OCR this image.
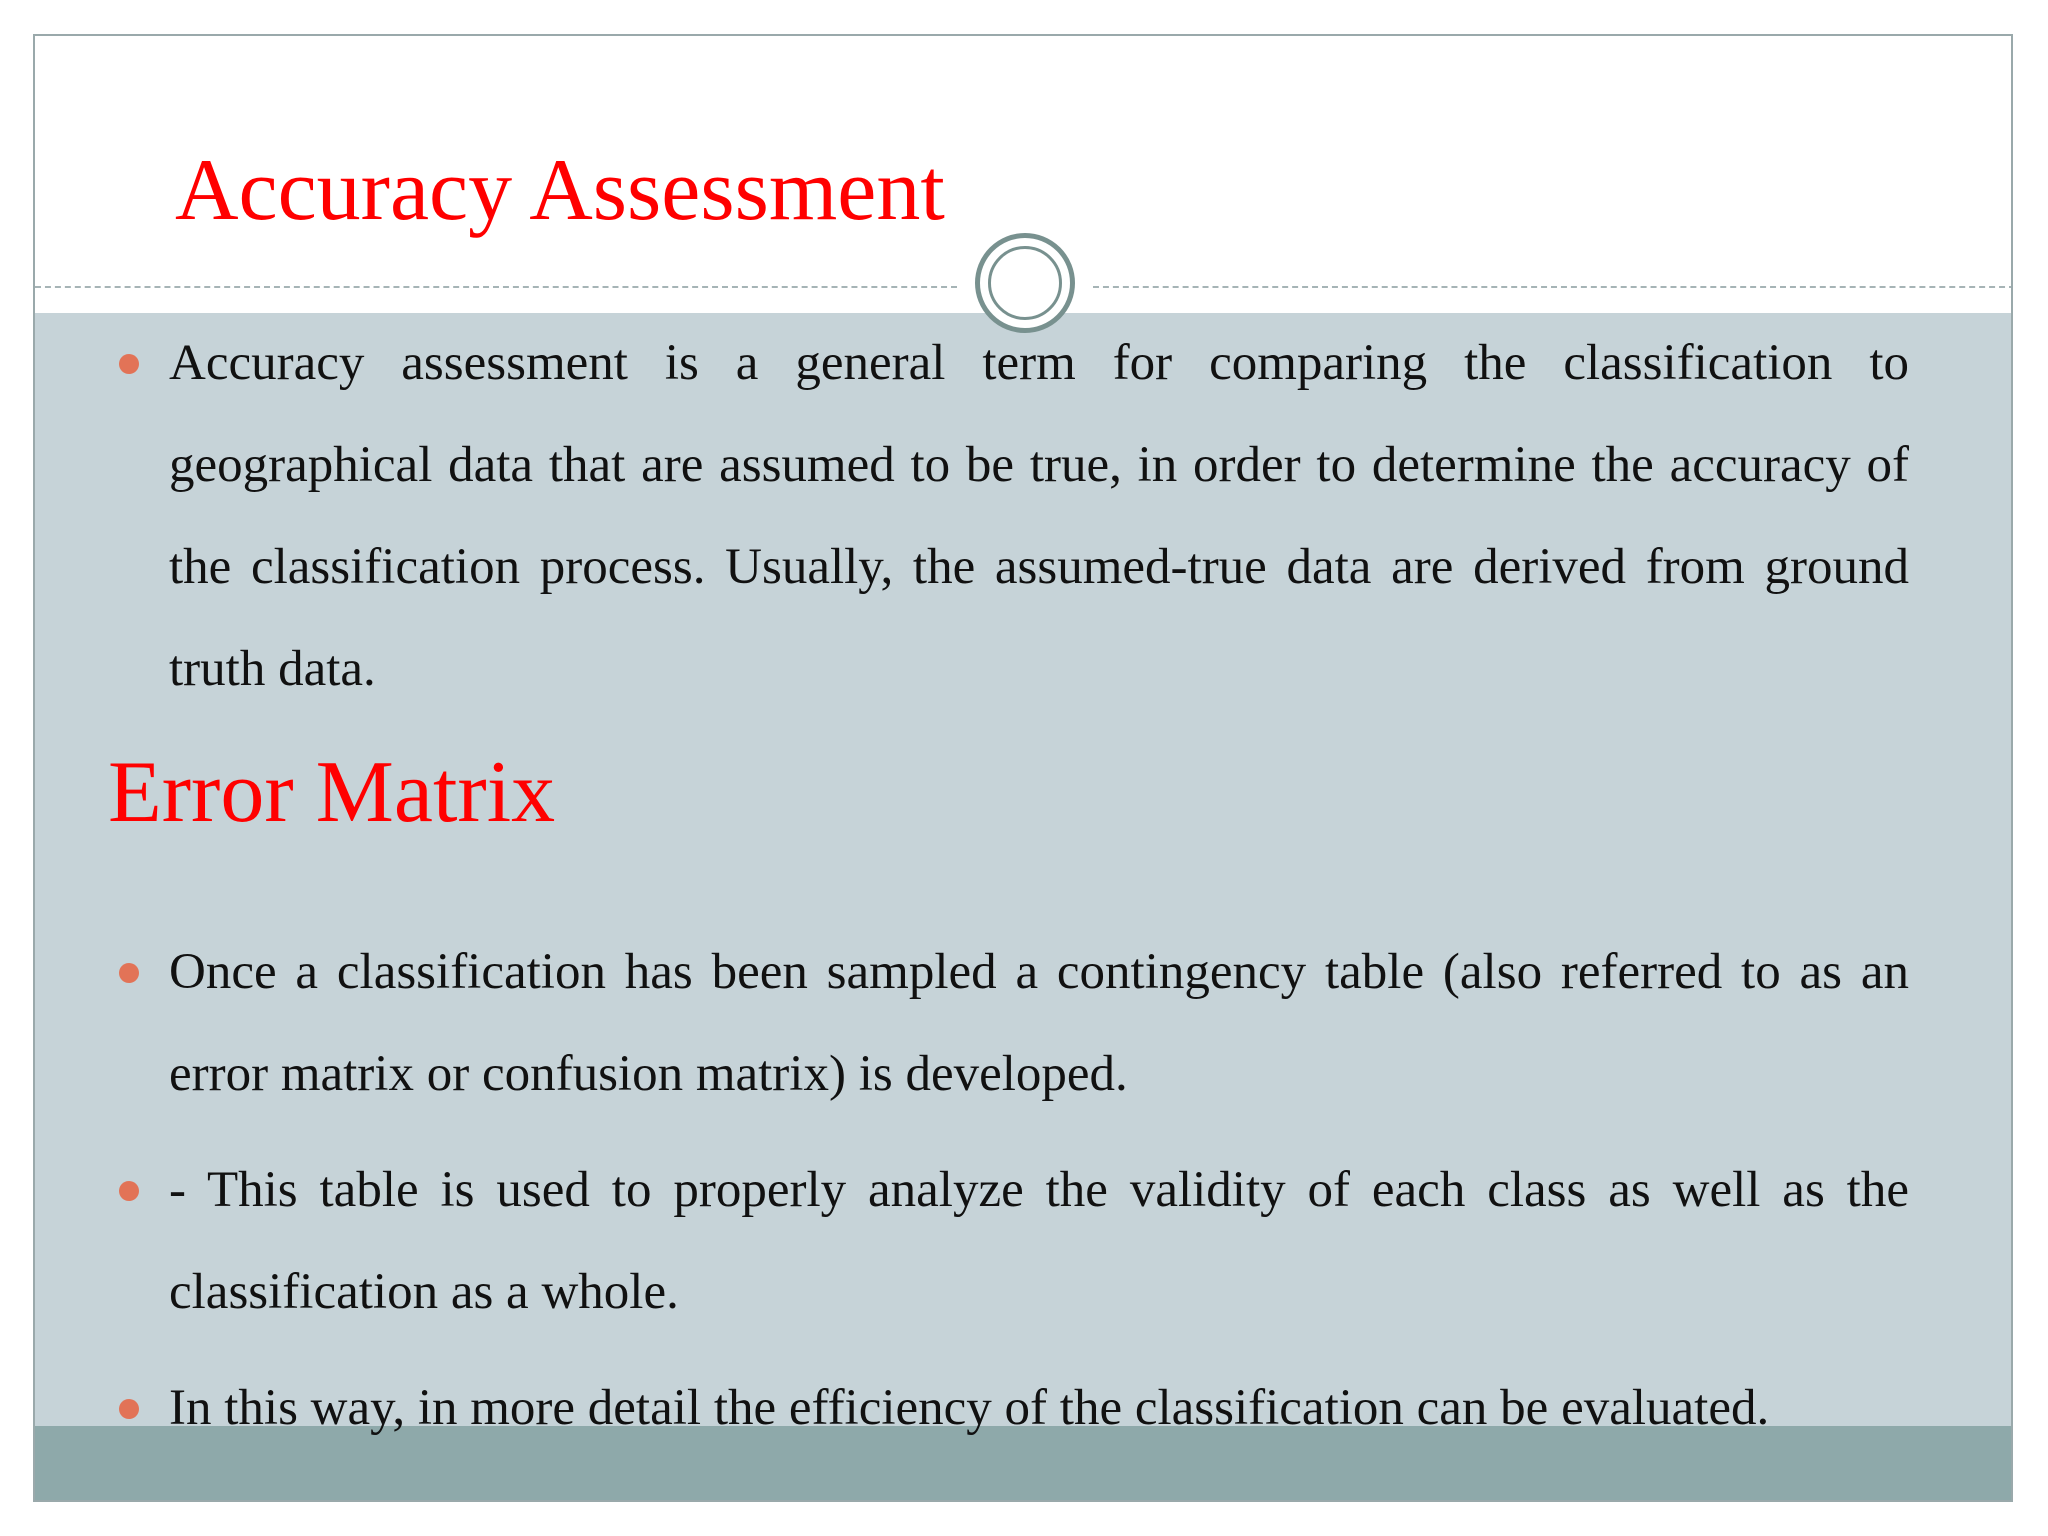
Accuracy Assessment

Accuracy assessment is a general term for comparing the classification to geographical data that are assumed to be true, in order to determine the accuracy of the classification process. Usually, the assumed-true data are derived from ground truth data.

Error Matrix

Once a classification has been sampled a contingency table (also referred to as an error matrix or confusion matrix) is developed.

- This table is used to properly analyze the validity of each class as well as the classification as a whole.

In this way, in more detail the efficiency of the classification can be evaluated.
